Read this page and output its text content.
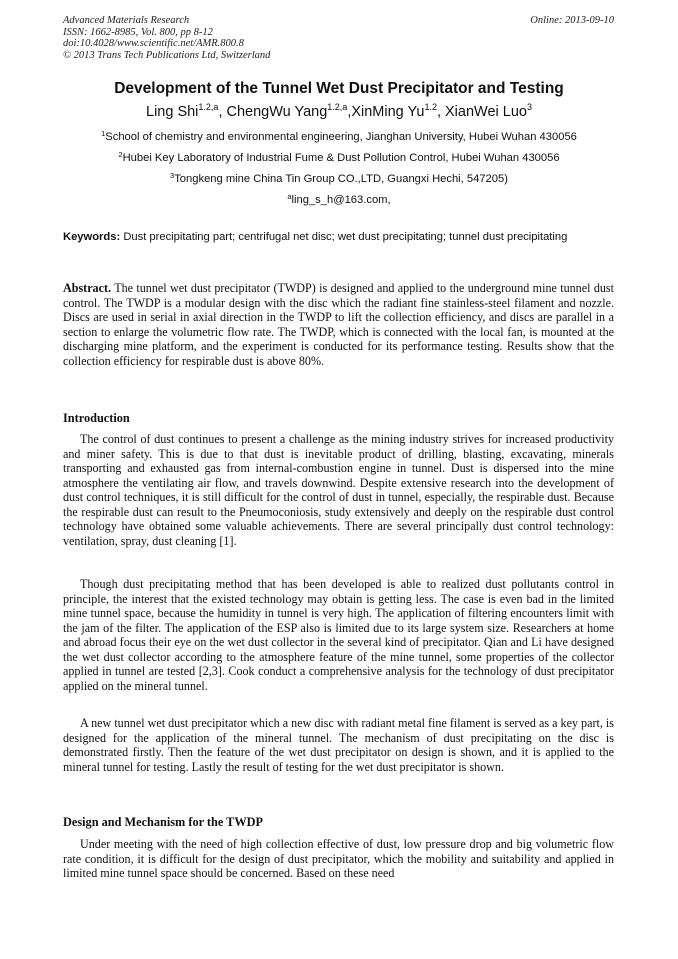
Advanced Materials Research
ISSN: 1662-8985, Vol. 800, pp 8-12
doi:10.4028/www.scientific.net/AMR.800.8
© 2013 Trans Tech Publications Ltd, Switzerland
Online: 2013-09-10
Development of the Tunnel Wet Dust Precipitator and Testing
Ling Shi$^{1.2,a}$, ChengWu Yang$^{1.2,a}$,XinMing $Yu^{1.2}$, XianWei Luo$^3$
$^1$School of chemistry and environmental engineering, Jianghan University, Hubei Wuhan 430056
$^2$Hubei Key Laboratory of Industrial Fume & Dust Pollution Control, Hubei Wuhan 430056
$^3$Tongkeng mine China Tin Group CO.,LTD, Guangxi Hechi, 547205)
$^a$ling_s_h@163.com,
Keywords: Dust precipitating part; centrifugal net disc; wet dust precipitating; tunnel dust precipitating
Abstract. The tunnel wet dust precipitator (TWDP) is designed and applied to the underground mine tunnel dust control. The TWDP is a modular design with the disc which the radiant fine stainless-steel filament and nozzle. Discs are used in serial in axial direction in the TWDP to lift the collection efficiency, and discs are parallel in a section to enlarge the volumetric flow rate. The TWDP, which is connected with the local fan, is mounted at the discharging mine platform, and the experiment is conducted for its performance testing. Results show that the collection efficiency for respirable dust is above 80%.
Introduction
The control of dust continues to present a challenge as the mining industry strives for increased productivity and miner safety. This is due to that dust is inevitable product of drilling, blasting, excavating, minerals transporting and exhausted gas from internal-combustion engine in tunnel. Dust is dispersed into the mine atmosphere the ventilating air flow, and travels downwind. Despite extensive research into the development of dust control techniques, it is still difficult for the control of dust in tunnel, especially, the respirable dust. Because the respirable dust can result to the Pneumoconiosis, study extensively and deeply on the respirable dust control technology have obtained some valuable achievements. There are several principally dust control technology: ventilation, spray, dust cleaning [1].
Though dust precipitating method that has been developed is able to realized dust pollutants control in principle, the interest that the existed technology may obtain is getting less. The case is even bad in the limited mine tunnel space, because the humidity in tunnel is very high. The application of filtering encounters limit with the jam of the filter. The application of the ESP also is limited due to its large system size. Researchers at home and abroad focus their eye on the wet dust collector in the several kind of precipitator. Qian and Li have designed the wet dust collector according to the atmosphere feature of the mine tunnel, some properties of the collector applied in tunnel are tested [2,3]. Cook conduct a comprehensive analysis for the technology of dust precipitator applied on the mineral tunnel.
A new tunnel wet dust precipitator which a new disc with radiant metal fine filament is served as a key part, is designed for the application of the mineral tunnel. The mechanism of dust precipitating on the disc is demonstrated firstly. Then the feature of the wet dust precipitator on design is shown, and it is applied to the mineral tunnel for testing. Lastly the result of testing for the wet dust precipitator is shown.
Design and Mechanism for the TWDP
Under meeting with the need of high collection effective of dust, low pressure drop and big volumetric flow rate condition, it is difficult for the design of dust precipitator, which the mobility and suitability and applied in limited mine tunnel space should be concerned. Based on these need
